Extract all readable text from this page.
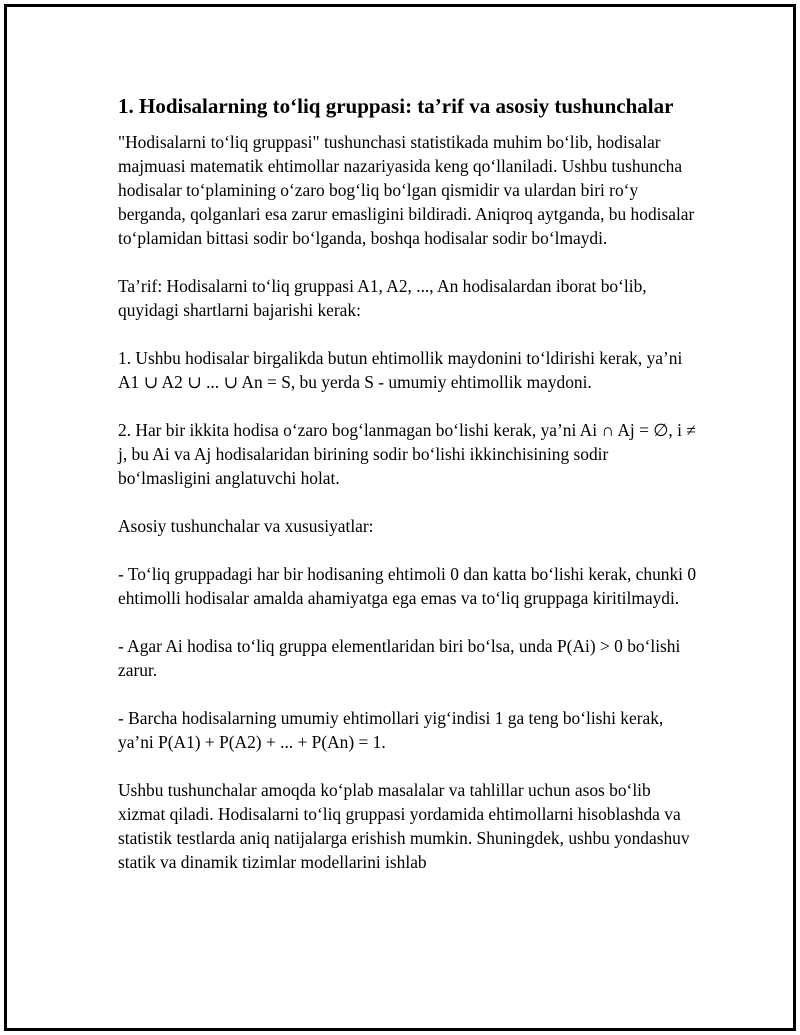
1. Hodisalarning to‘liq gruppasi: ta’rif va asosiy tushunchalar

"Hodisalarni to‘liq gruppasi" tushunchasi statistikada muhim bo‘lib, hodisalar majmuasi matematik ehtimollar nazariyasida keng qo‘llaniladi. Ushbu tushuncha hodisalar to‘plamining o‘zaro bog‘liq bo‘lgan qismidir va ulardan biri ro‘y berganda, qolganlari esa zarur emasligini bildiradi. Aniqroq aytganda, bu hodisalar to‘plamidan bittasi sodir bo‘lganda, boshqa hodisalar sodir bo‘lmaydi.

Ta’rif: Hodisalarni to‘liq gruppasi A1, A2, ..., An hodisalardan iborat bo‘lib, quyidagi shartlarni bajarishi kerak:

1. Ushbu hodisalar birgalikda butun ehtimollik maydonini to‘ldirishi kerak, ya’ni A1 ∪ A2 ∪ ... ∪ An = S, bu yerda S - umumiy ehtimollik maydoni.

2. Har bir ikkita hodisa o‘zaro bog‘lanmagan bo‘lishi kerak, ya’ni Ai ∩ Aj = ∅, i ≠ j, bu Ai va Aj hodisalaridan birining sodir bo‘lishi ikkinchisining sodir bo‘lmasligini anglatuvchi holat.

Asosiy tushunchalar va xususiyatlar:

- To‘liq gruppadagi har bir hodisaning ehtimoli 0 dan katta bo‘lishi kerak, chunki 0 ehtimolli hodisalar amalda ahamiyatga ega emas va to‘liq gruppaga kiritilmaydi.

- Agar Ai hodisa to‘liq gruppa elementlaridan biri bo‘lsa, unda P(Ai) > 0 bo‘lishi zarur.

- Barcha hodisalarning umumiy ehtimollari yig‘indisi 1 ga teng bo‘lishi kerak, ya’ni P(A1) + P(A2) + ... + P(An) = 1.

Ushbu tushunchalar amoqda ko‘plab masalalar va tahlillar uchun asos bo‘lib xizmat qiladi. Hodisalarni to‘liq gruppasi yordamida ehtimollarni hisoblashda va statistik testlarda aniq natijalarga erishish mumkin. Shuningdek, ushbu yondashuv statik va dinamik tizimlar modellarini ishlab
